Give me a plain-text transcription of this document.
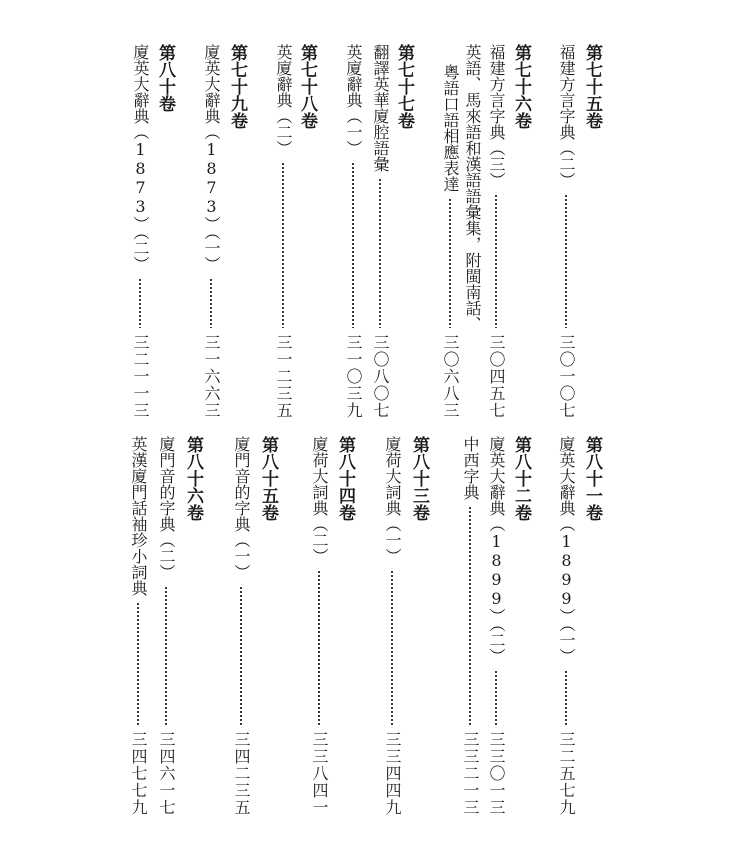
第七十五卷
福建方言字典（二）
三〇一〇七
第七十六卷
福建方言字典（三）
三〇四五七
英語、馬來語和漢語語彙集，附閩南話、
粵語口語相應表達
三〇六八三
第七十七卷
翻譯英華廈腔語彙
三〇八〇七
英廈辭典（一）
三一〇三九
第七十八卷
英廈辭典（二）
三一二三五
第七十九卷
廈英大辭典（1873）（一）
三一六六三
第八十卷
廈英大辭典（1873）（二）
三二一一三
第八十一卷
廈英大辭典（1899）（一）
三二五七九
第八十二卷
廈英大辭典（1899）（二）
三三〇一三
中西字典
三三二一三
第八十三卷
廈荷大詞典（一）
三三四四九
第八十四卷
廈荷大詞典（二）
三三八四一
第八十五卷
廈門音的字典（一）
三四二三五
第八十六卷
廈門音的字典（二）
三四六一七
英漢廈門話袖珍小詞典
三四七七九
